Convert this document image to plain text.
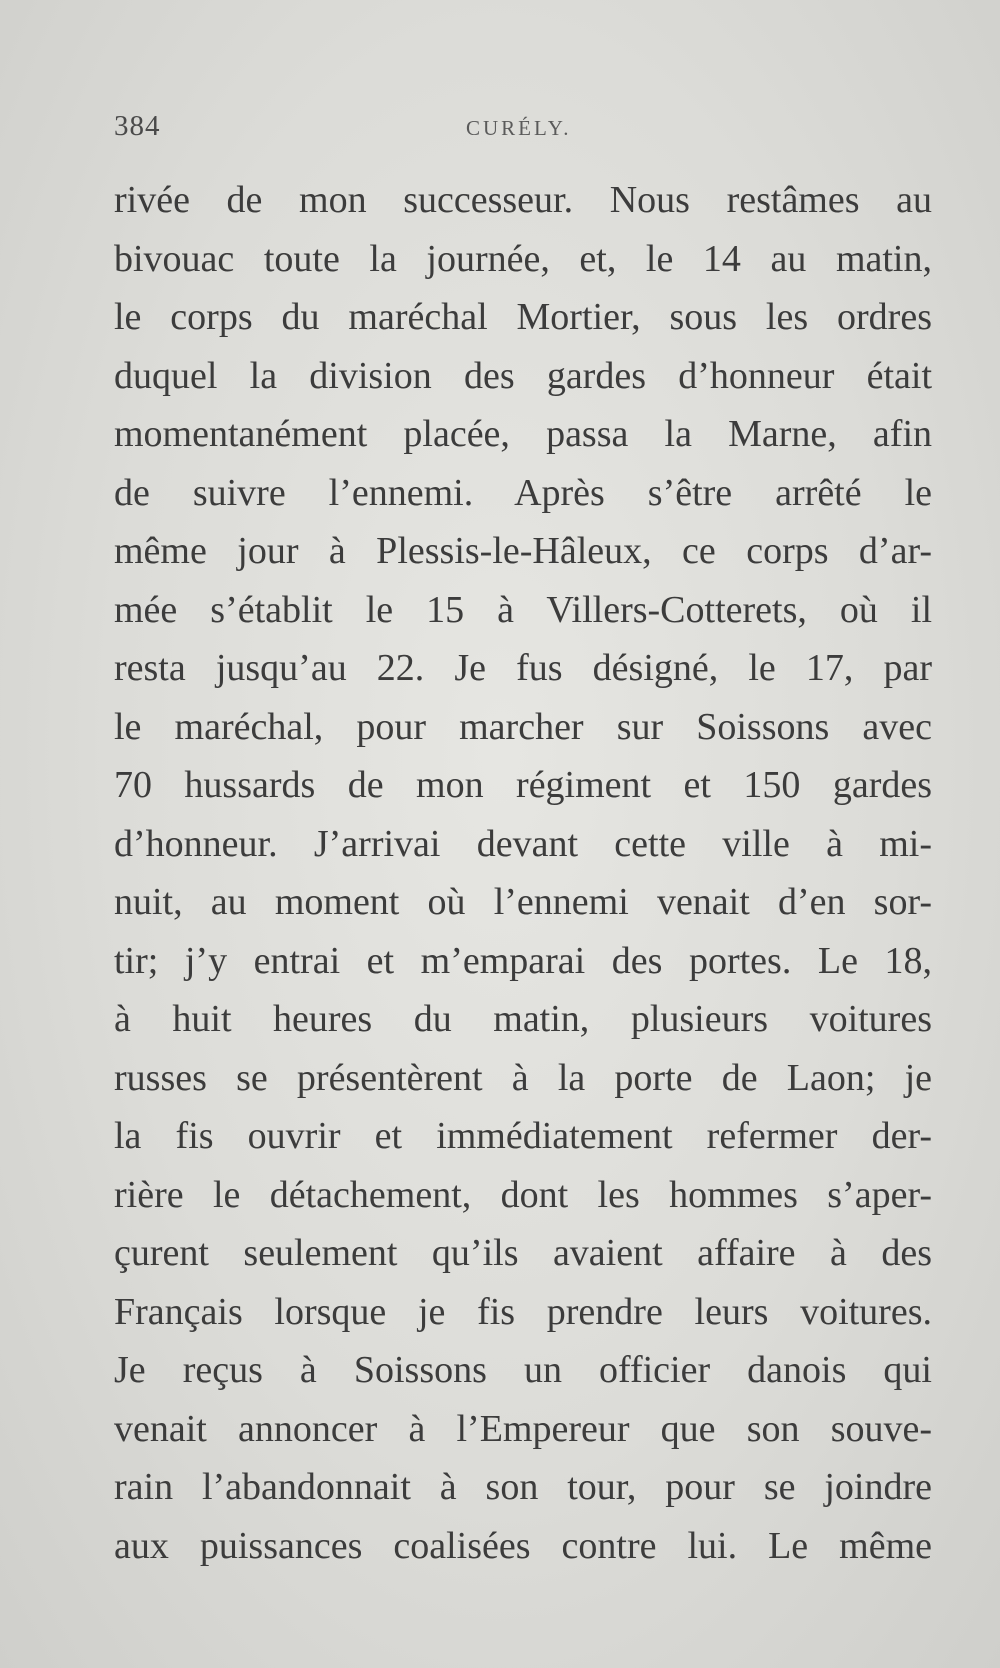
384	CURÉLY.
rivée de mon successeur. Nous restâmes au
bivouac toute la journée, et, le 14 au matin,
le corps du maréchal Mortier, sous les ordres
duquel la division des gardes d’honneur était
momentanément placée, passa la Marne, afin
de suivre l’ennemi. Après s’être arrêté le
même jour à Plessis-le-Hâleux, ce corps d’ar-
mée s’établit le 15 à Villers-Cotterets, où il
resta jusqu’au 22. Je fus désigné, le 17, par
le maréchal, pour marcher sur Soissons avec
70 hussards de mon régiment et 150 gardes
d’honneur. J’arrivai devant cette ville à mi-
nuit, au moment où l’ennemi venait d’en sor-
tir; j’y entrai et m’emparai des portes. Le 18,
à huit heures du matin, plusieurs voitures
russes se présentèrent à la porte de Laon; je
la fis ouvrir et immédiatement refermer der-
rière le détachement, dont les hommes s’aper-
çurent seulement qu’ils avaient affaire à des
Français lorsque je fis prendre leurs voitures.
Je reçus à Soissons un officier danois qui
venait annoncer à l’Empereur que son souve-
rain l’abandonnait à son tour, pour se joindre
aux puissances coalisées contre lui. Le même
